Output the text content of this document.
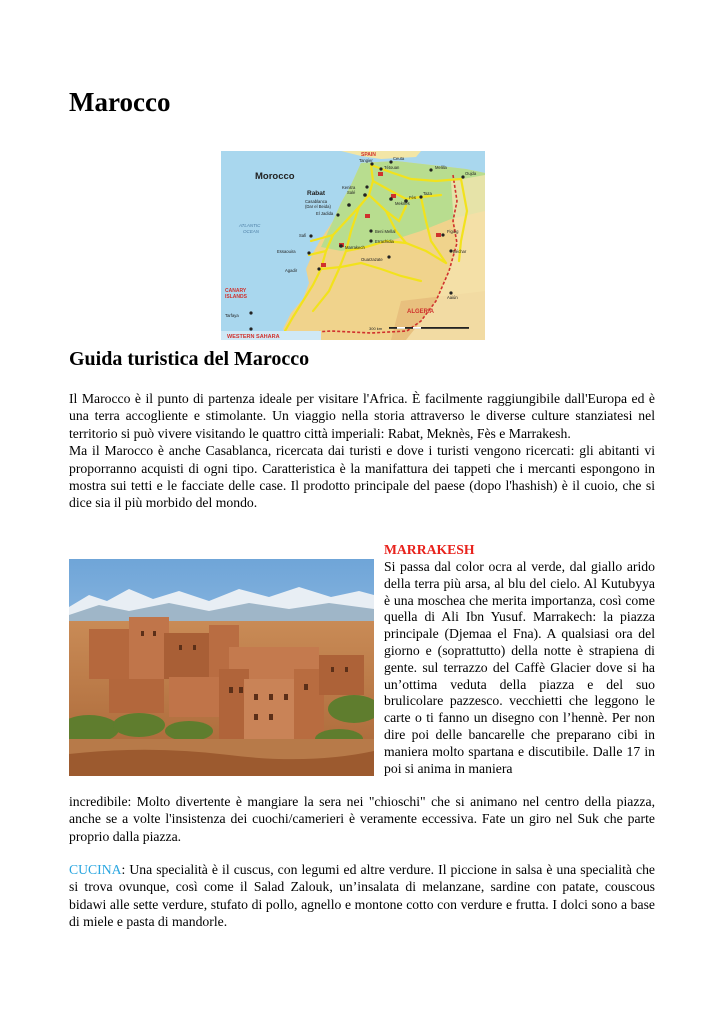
Marocco
Morocco
SPAIN
ALGERIA
ATLANTIC
OCEAN
CANARY
ISLANDS
WESTERN SAHARA
Tangier	Ceuta
Tétouan	Melilla
Oujda
Kenitra
Salé
Casablanca
(Dar el Beida)
El Jadida
Meknès
Fès
Taza
Safi
Essaouira
Marrakech
Beni Mellal
Errachidia
Agadir
Ouarzazate
Figuig
Béchar
Aaiún
Tarfaya
Rabat
300 km
Guida turistica del Marocco

Il Marocco è il punto di partenza ideale per visitare l'Africa. È facilmente raggiungibile dall'Europa ed è una terra accogliente e stimolante. Un viaggio nella storia attraverso le diverse culture stanziatesi nel territorio si può vivere visitando le quattro città imperiali: Rabat, Meknès, Fès e Marrakesh.

Ma il Marocco è anche Casablanca, ricercata dai turisti e dove i turisti vengono ricercati: gli abitanti vi proporranno acquisti di ogni tipo. Caratteristica è la manifattura dei tappeti che i mercanti espongono in mostra sui tetti e le facciate delle case. Il prodotto principale del paese (dopo l'hashish) è il cuoio, che si dice sia il più morbido del mondo.

MARRAKESH

Si passa dal color ocra al verde, dal giallo arido della terra più arsa, al blu del cielo. Al Kutubyya è una moschea che merita importanza, così come quella di Ali Ibn Yusuf. Marrakech: la piazza principale (Djemaa el Fna). A qualsiasi ora del giorno e (soprattutto) della notte è strapiena di gente. sul terrazzo del Caffè Glacier dove si ha un’ottima veduta della piazza e del suo brulicolare pazzesco. vecchietti che leggono le carte o ti fanno un disegno con l’hennè. Per non dire poi delle bancarelle che preparano cibi in maniera molto spartana e discutibile. Dalle 17 in poi si anima in maniera

incredibile: Molto divertente è mangiare la sera nei "chioschi" che si animano nel centro della piazza, anche se a volte l'insistenza dei cuochi/camerieri è veramente eccessiva. Fate un giro nel Suk che parte proprio dalla piazza.

CUCINA: Una specialità è il cuscus, con legumi ed altre verdure. Il piccione in salsa è una specialità che si trova ovunque, così come il Salad Zalouk, un’insalata di melanzane, sardine con patate, couscous bidawi alle sette verdure, stufato di pollo, agnello e montone cotto con verdure e frutta. I dolci sono a base di miele e pasta di mandorle.
